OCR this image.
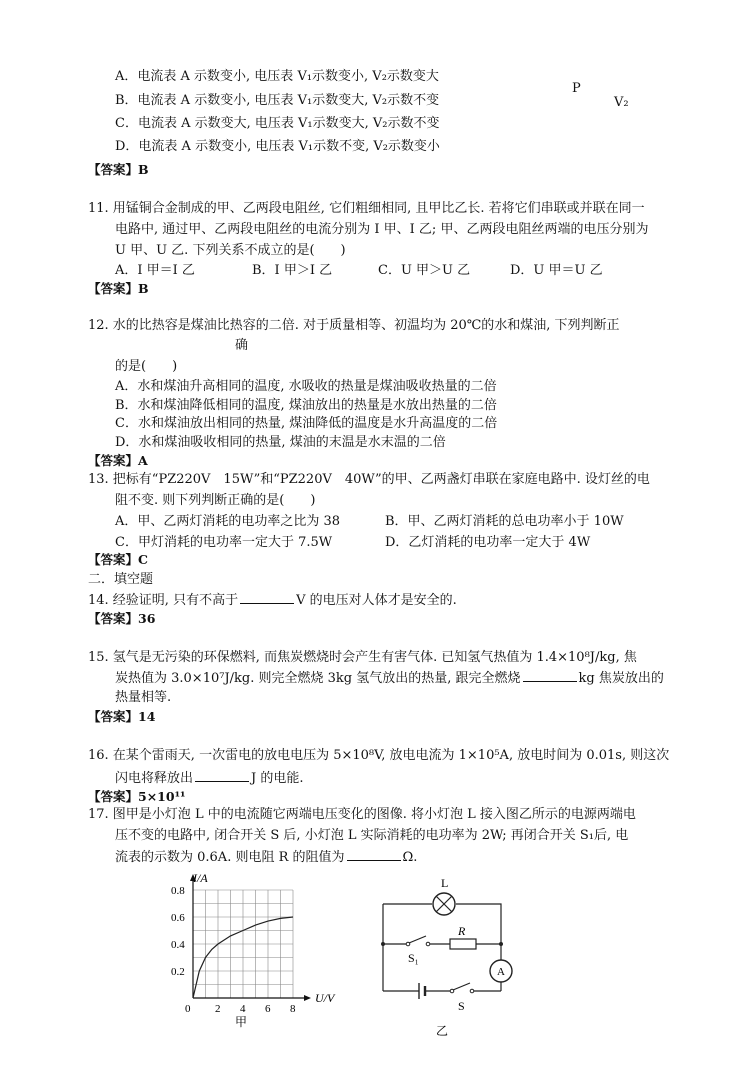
A．电流表 A 示数变小, 电压表 V₁示数变小, V₂示数变大
B．电流表 A 示数变小, 电压表 V₁示数变大, V₂示数不变
C．电流表 A 示数变大, 电压表 V₁示数变大, V₂示数不变
D．电流表 A 示数变小, 电压表 V₁示数不变, V₂示数变小
P
V₂
【答案】B
11. 用锰铜合金制成的甲、乙两段电阻丝, 它们粗细相同, 且甲比乙长. 若将它们串联或并联在同一
电路中, 通过甲、乙两段电阻丝的电流分别为 I 甲、I 乙; 甲、乙两段电阻丝两端的电压分别为
U 甲、U 乙. 下列关系不成立的是(　　)
A．I 甲＝I 乙	B．I 甲＞I 乙	C．U 甲＞U 乙	D．U 甲＝U 乙
【答案】B
12. 水的比热容是煤油比热容的二倍. 对于质量相等、初温均为 20℃的水和煤油, 下列判断正
确
的是(　　)
A．水和煤油升高相同的温度, 水吸收的热量是煤油吸收热量的二倍
B．水和煤油降低相同的温度, 煤油放出的热量是水放出热量的二倍
C．水和煤油放出相同的热量, 煤油降低的温度是水升高温度的二倍
D．水和煤油吸收相同的热量, 煤油的末温是水末温的二倍
【答案】A
13. 把标有“PZ220V　15W”和“PZ220V　40W”的甲、乙两盏灯串联在家庭电路中. 设灯丝的电
阻不变. 则下列判断正确的是(　　)
A．甲、乙两灯消耗的电功率之比为 38	B．甲、乙两灯消耗的总电功率小于 10W
C．甲灯消耗的电功率一定大于 7.5W	D．乙灯消耗的电功率一定大于 4W
【答案】C
二．填空题
14. 经验证明, 只有不高于	V 的电压对人体才是安全的.
【答案】36
15. 氢气是无污染的环保燃料, 而焦炭燃烧时会产生有害气体. 已知氢气热值为 1.4×10⁸J/kg, 焦
炭热值为 3.0×10⁷J/kg. 则完全燃烧 3kg 氢气放出的热量, 跟完全燃烧	kg 焦炭放出的
热量相等.
【答案】14
16. 在某个雷雨天, 一次雷电的放电电压为 5×10⁸V, 放电电流为 1×10⁵A, 放电时间为 0.01s, 则这次
闪电将释放出	J 的电能.
【答案】5×10¹¹
17. 图甲是小灯泡 L 中的电流随它两端电压变化的图像. 将小灯泡 L 接入图乙所示的电源两端电
压不变的电路中, 闭合开关 S 后, 小灯泡 L 实际消耗的电功率为 2W; 再闭合开关 S₁后, 电
流表的示数为 0.6A. 则电阻 R 的阻值为	Ω.
0 2 4 6 8
0.2
0.4
0.6
0.8
I/A
U/V
甲
L
R
S₁
A
S
乙
